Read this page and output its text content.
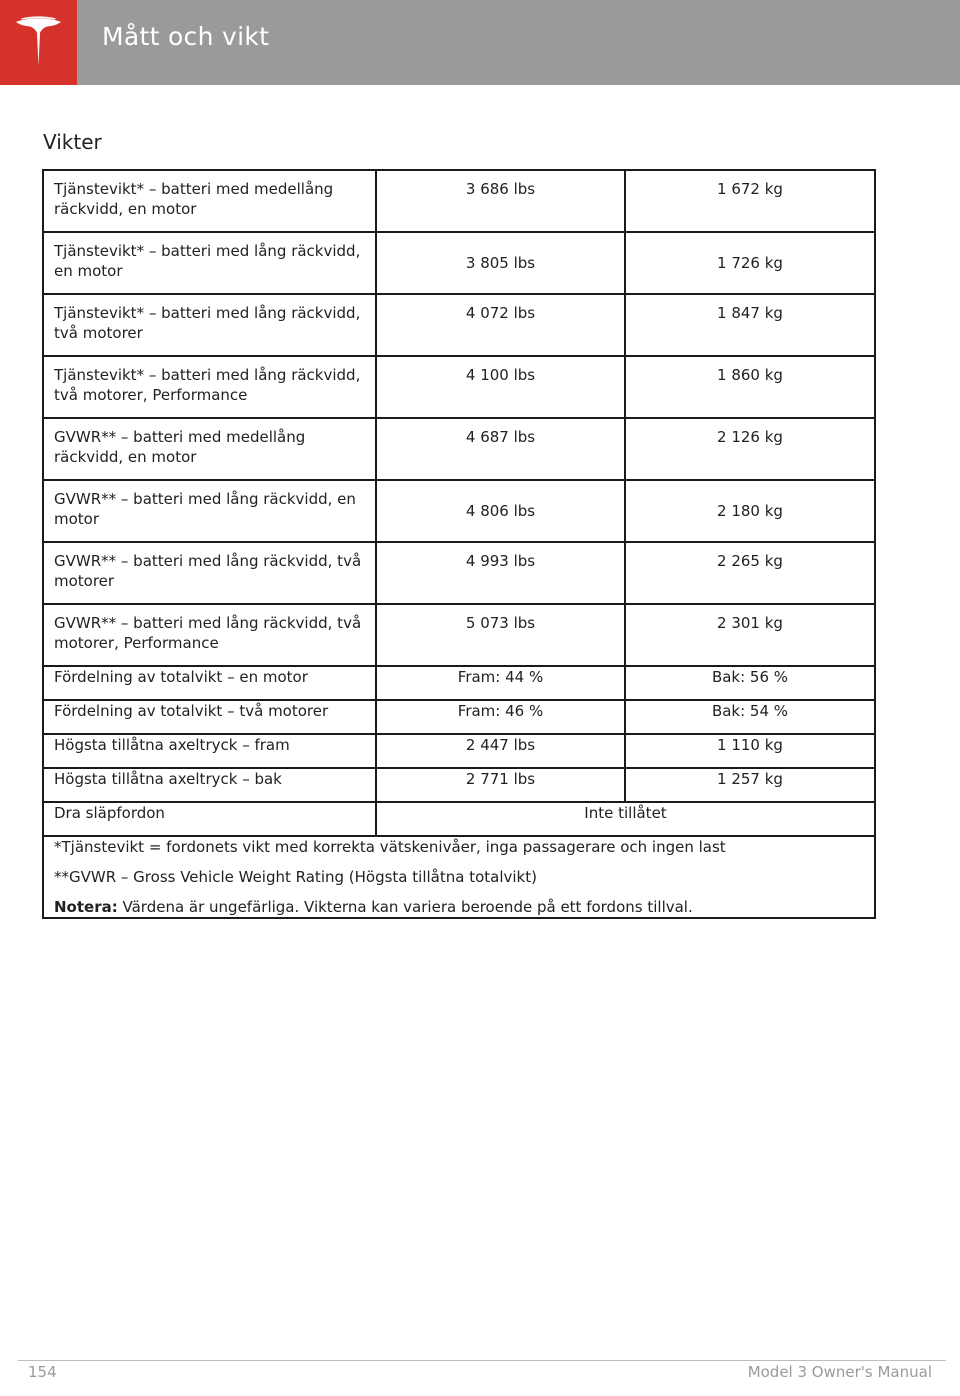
Mått och vikt
Vikter
Tjänstevikt* – batteri med medellång räckvidd, en motor	3 686 lbs	1 672 kg
Tjänstevikt* – batteri med lång räckvidd, en motor	3 805 lbs	1 726 kg
Tjänstevikt* – batteri med lång räckvidd, två motorer	4 072 lbs	1 847 kg
Tjänstevikt* – batteri med lång räckvidd, två motorer, Performance	4 100 lbs	1 860 kg
GVWR** – batteri med medellång räckvidd, en motor	4 687 lbs	2 126 kg
GVWR** – batteri med lång räckvidd, en motor	4 806 lbs	2 180 kg
GVWR** – batteri med lång räckvidd, två motorer	4 993 lbs	2 265 kg
GVWR** – batteri med lång räckvidd, två motorer, Performance	5 073 lbs	2 301 kg
Fördelning av totalvikt – en motor	Fram: 44 %	Bak: 56 %
Fördelning av totalvikt – två motorer	Fram: 46 %	Bak: 54 %
Högsta tillåtna axeltryck – fram	2 447 lbs	1 110 kg
Högsta tillåtna axeltryck – bak	2 771 lbs	1 257 kg
Dra släpfordon	Inte tillåtet	

*Tjänstevikt = fordonets vikt med korrekta vätskenivåer, inga passagerare och ingen last

**GVWR – Gross Vehicle Weight Rating (Högsta tillåtna totalvikt)

Notera: Värdena är ungefärliga. Vikterna kan variera beroende på ett fordons tillval.		

154	Model 3 Owner's Manual
